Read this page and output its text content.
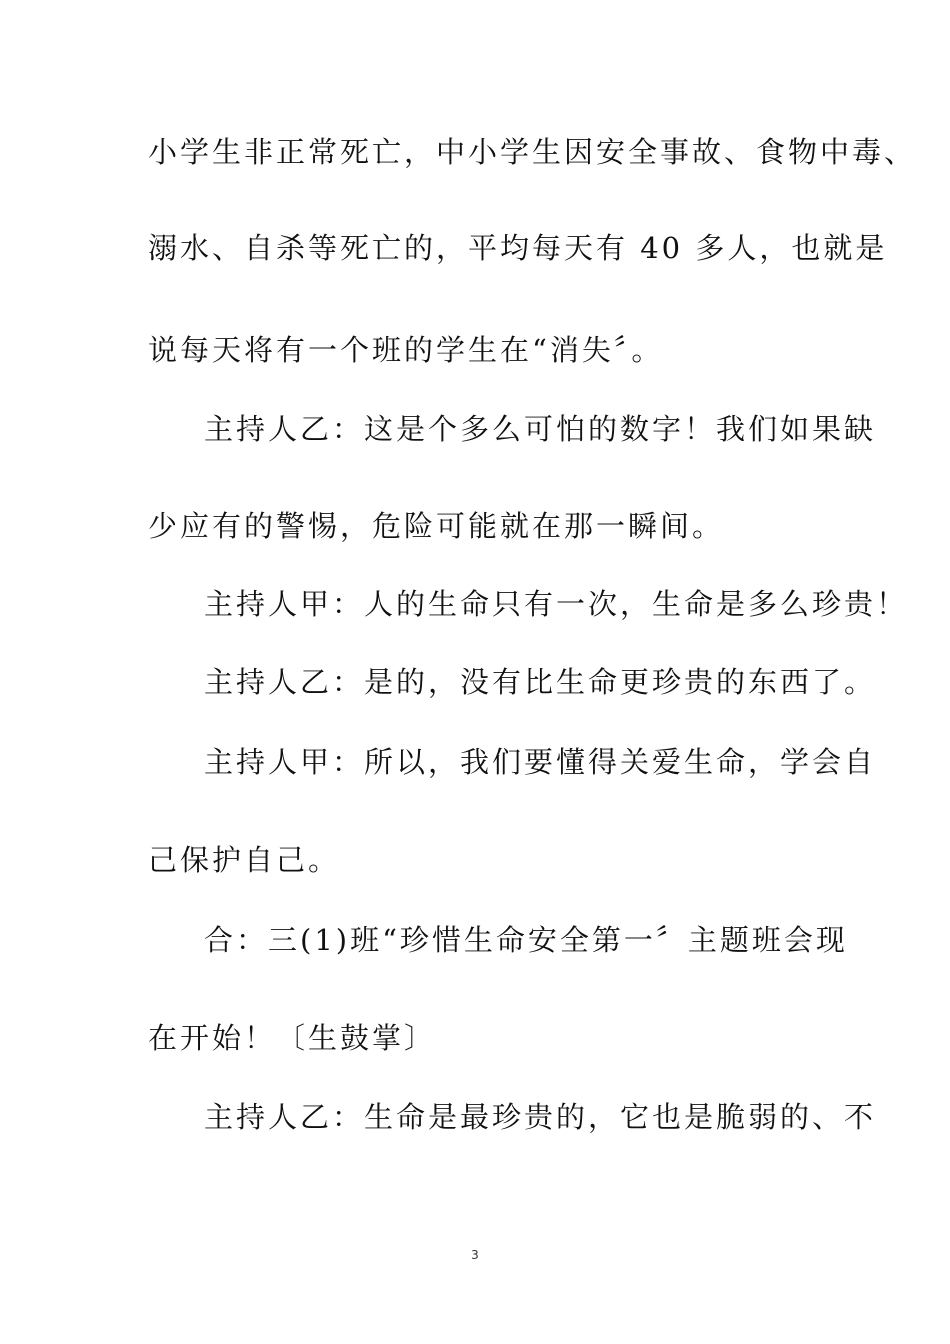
小学生非正常死亡，中小学生因安全事故、食物中毒、
溺水、自杀等死亡的，平均每天有 40 多人，也就是
说每天将有一个班的学生在“消失〞。
主持人乙：这是个多么可怕的数字！我们如果缺
少应有的警惕，危险可能就在那一瞬间。
主持人甲：人的生命只有一次，生命是多么珍贵！
主持人乙：是的，没有比生命更珍贵的东西了。
主持人甲：所以，我们要懂得关爱生命，学会自
己保护自己。
合：三(1)班“珍惜生命安全第一〞主题班会现
在开始！〔生鼓掌〕
主持人乙：生命是最珍贵的，它也是脆弱的、不
3
